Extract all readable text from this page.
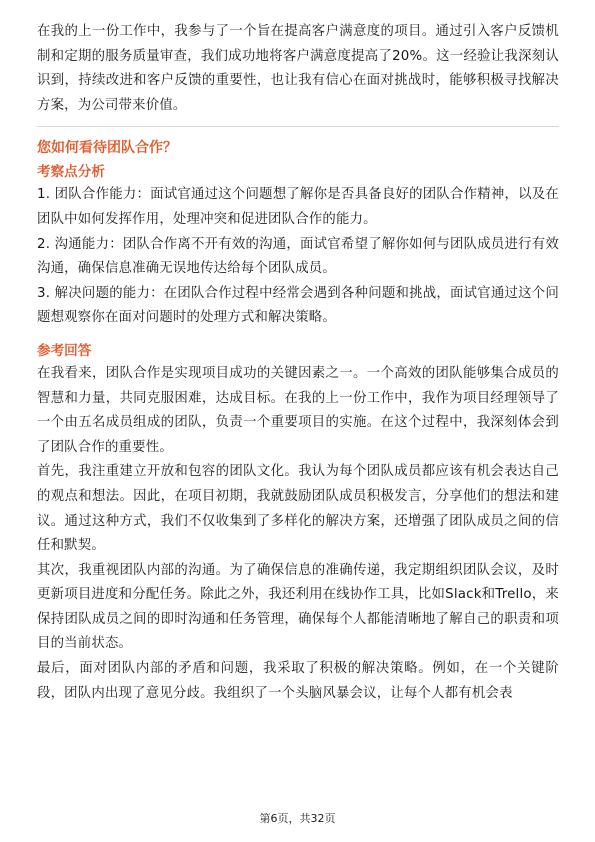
在我的上一份工作中，我参与了一个旨在提高客户满意度的项目。通过引入客户反馈机制和定期的服务质量审查，我们成功地将客户满意度提高了20%。这一经验让我深刻认识到，持续改进和客户反馈的重要性，也让我有信心在面对挑战时，能够积极寻找解决方案，为公司带来价值。

您如何看待团队合作？
考察点分析

1. 团队合作能力：面试官通过这个问题想了解你是否具备良好的团队合作精神，以及在团队中如何发挥作用，处理冲突和促进团队合作的能力。

2. 沟通能力：团队合作离不开有效的沟通，面试官希望了解你如何与团队成员进行有效沟通，确保信息准确无误地传达给每个团队成员。

3. 解决问题的能力：在团队合作过程中经常会遇到各种问题和挑战，面试官通过这个问题想观察你在面对问题时的处理方式和解决策略。

参考回答

在我看来，团队合作是实现项目成功的关键因素之一。一个高效的团队能够集合成员的智慧和力量，共同克服困难，达成目标。在我的上一份工作中，我作为项目经理领导了一个由五名成员组成的团队，负责一个重要项目的实施。在这个过程中，我深刻体会到了团队合作的重要性。

首先，我注重建立开放和包容的团队文化。我认为每个团队成员都应该有机会表达自己的观点和想法。因此，在项目初期，我就鼓励团队成员积极发言，分享他们的想法和建议。通过这种方式，我们不仅收集到了多样化的解决方案，还增强了团队成员之间的信任和默契。

其次，我重视团队内部的沟通。为了确保信息的准确传递，我定期组织团队会议，及时更新项目进度和分配任务。除此之外，我还利用在线协作工具，比如Slack和Trello，来保持团队成员之间的即时沟通和任务管理，确保每个人都能清晰地了解自己的职责和项目的当前状态。

最后，面对团队内部的矛盾和问题，我采取了积极的解决策略。例如，在一个关键阶段，团队内出现了意见分歧。我组织了一个头脑风暴会议，让每个人都有机会表

第6页，共32页
